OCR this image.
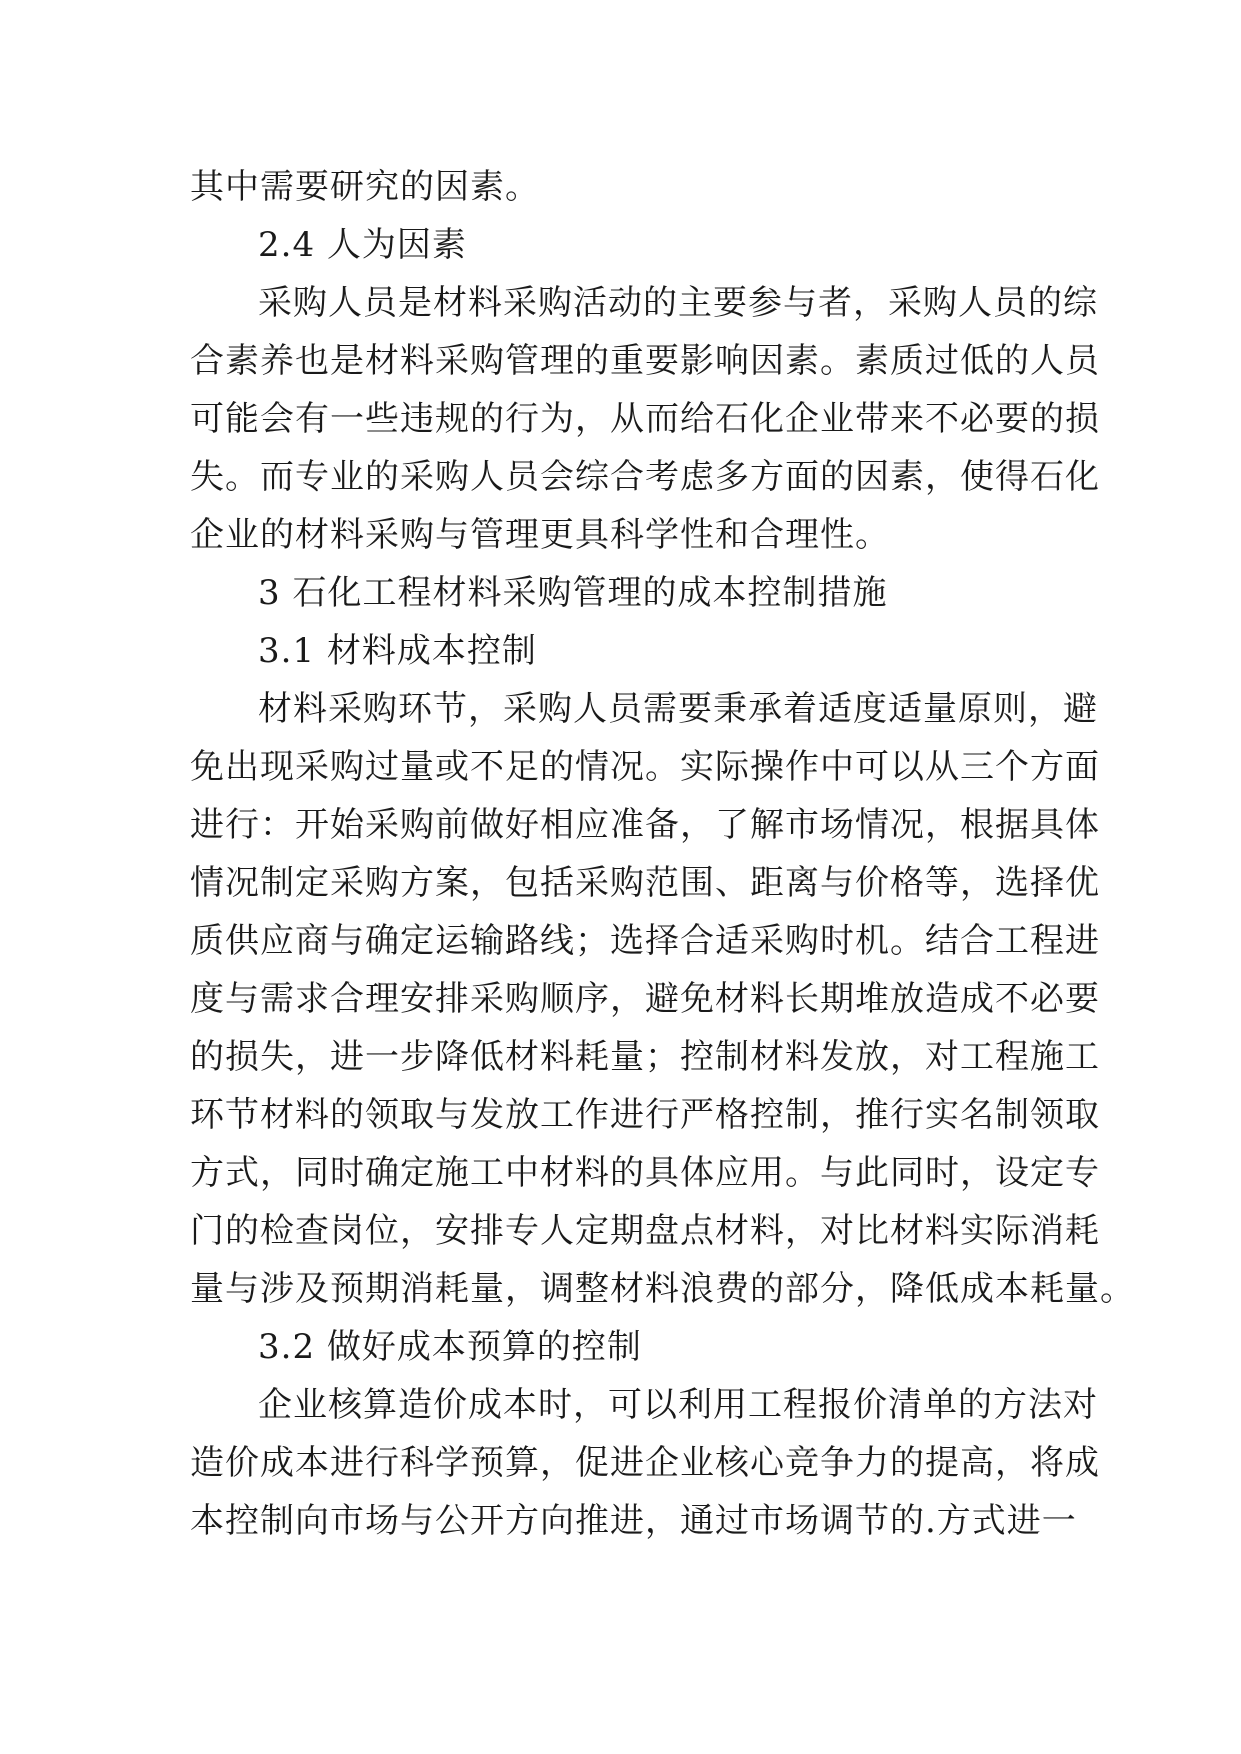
其中需要研究的因素。
2.4 人为因素
采购人员是材料采购活动的主要参与者，采购人员的综
合素养也是材料采购管理的重要影响因素。素质过低的人员
可能会有一些违规的行为，从而给石化企业带来不必要的损
失。而专业的采购人员会综合考虑多方面的因素，使得石化
企业的材料采购与管理更具科学性和合理性。
3 石化工程材料采购管理的成本控制措施
3.1 材料成本控制
材料采购环节，采购人员需要秉承着适度适量原则，避
免出现采购过量或不足的情况。实际操作中可以从三个方面
进行：开始采购前做好相应准备，了解市场情况，根据具体
情况制定采购方案，包括采购范围、距离与价格等，选择优
质供应商与确定运输路线；选择合适采购时机。结合工程进
度与需求合理安排采购顺序，避免材料长期堆放造成不必要
的损失，进一步降低材料耗量；控制材料发放，对工程施工
环节材料的领取与发放工作进行严格控制，推行实名制领取
方式，同时确定施工中材料的具体应用。与此同时，设定专
门的检查岗位，安排专人定期盘点材料，对比材料实际消耗
量与涉及预期消耗量，调整材料浪费的部分，降低成本耗量。
3.2 做好成本预算的控制
企业核算造价成本时，可以利用工程报价清单的方法对
造价成本进行科学预算，促进企业核心竞争力的提高，将成
本控制向市场与公开方向推进，通过市场调节的.方式进一
